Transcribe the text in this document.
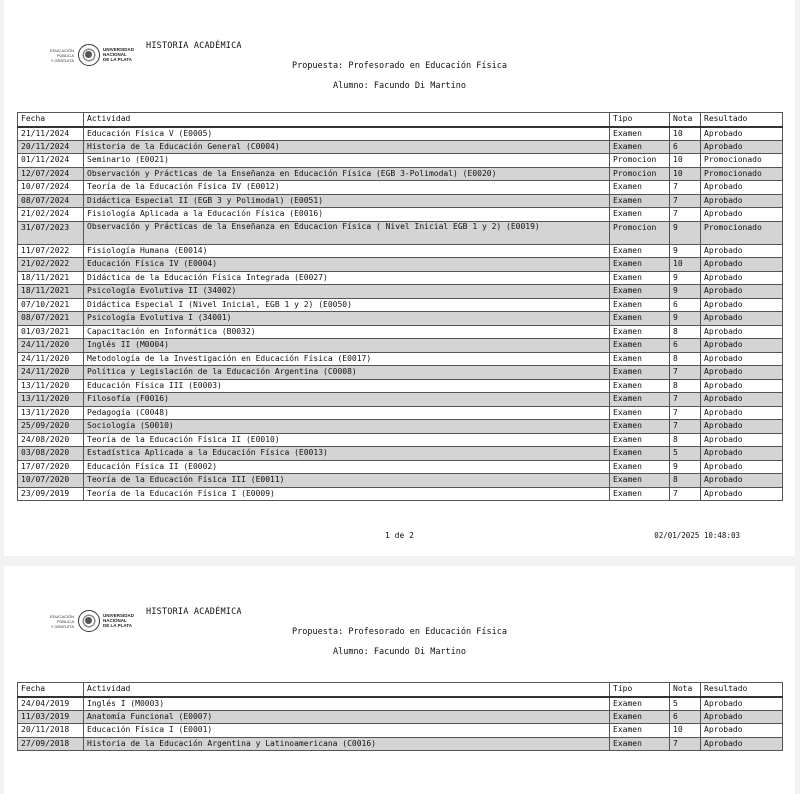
EDUCACIÓN
PÚBLICA
Y GRATUITA
UNIVERSIDAD
NACIONAL
DE LA PLATA
HISTORIA ACADÉMICA
Propuesta: Profesorado en Educación Física
Alumno: Facundo Di Martino
Fecha	Actividad	Tipo	Nota	Resultado
21/11/2024	Educación Física V (E0005)	Examen	10	Aprobado
20/11/2024	Historia de la Educación General (C0004)	Examen	6	Aprobado
01/11/2024	Seminario (E0021)	Promocion	10	Promocionado
12/07/2024	Observación y Prácticas de la Enseñanza en Educación Física (EGB 3-Polimodal) (E0020)	Promocion	10	Promocionado
10/07/2024	Teoría de la Educación Física IV (E0012)	Examen	7	Aprobado
08/07/2024	Didáctica Especial II (EGB 3 y Polimodal) (E0051)	Examen	7	Aprobado
21/02/2024	Fisiología Aplicada a la Educación Física (E0016)	Examen	7	Aprobado
31/07/2023	Observación y Prácticas de la Enseñanza en Educacion Física ( Nivel Inicial EGB 1 y 2) (E0019)	Promocion	9	Promocionado
11/07/2022	Fisiología Humana (E0014)	Examen	9	Aprobado
21/02/2022	Educación Física IV (E0004)	Examen	10	Aprobado
18/11/2021	Didáctica de la Educación Física Integrada (E0027)	Examen	9	Aprobado
18/11/2021	Psicología Evolutiva II (34002)	Examen	9	Aprobado
07/10/2021	Didáctica Especial I (Nivel Inicial, EGB 1 y 2) (E0050)	Examen	6	Aprobado
08/07/2021	Psicología Evolutiva I (34001)	Examen	9	Aprobado
01/03/2021	Capacitación en Informática (B0032)	Examen	8	Aprobado
24/11/2020	Inglés II (M0004)	Examen	6	Aprobado
24/11/2020	Metodología de la Investigación en Educación Física (E0017)	Examen	8	Aprobado
24/11/2020	Política y Legislación de la Educación Argentina (C0008)	Examen	7	Aprobado
13/11/2020	Educación Física III (E0003)	Examen	8	Aprobado
13/11/2020	Filosofía (F0016)	Examen	7	Aprobado
13/11/2020	Pedagogía (C0048)	Examen	7	Aprobado
25/09/2020	Sociología (S0010)	Examen	7	Aprobado
24/08/2020	Teoría de la Educación Física II (E0010)	Examen	8	Aprobado
03/08/2020	Estadística Aplicada a la Educación Física (E0013)	Examen	5	Aprobado
17/07/2020	Educación Física II (E0002)	Examen	9	Aprobado
10/07/2020	Teoría de la Educación Física III (E0011)	Examen	8	Aprobado
23/09/2019	Teoría de la Educación Física I (E0009)	Examen	7	Aprobado
1 de 2	02/01/2025 10:48:03
EDUCACIÓN
PÚBLICA
Y GRATUITA
UNIVERSIDAD
NACIONAL
DE LA PLATA
HISTORIA ACADÉMICA
Propuesta: Profesorado en Educación Física
Alumno: Facundo Di Martino
Fecha	Actividad	Tipo	Nota	Resultado
24/04/2019	Inglés I (M0003)	Examen	5	Aprobado
11/03/2019	Anatomía Funcional (E0007)	Examen	6	Aprobado
20/11/2018	Educación Física I (E0001)	Examen	10	Aprobado
27/09/2018	Historia de la Educación Argentina y Latinoamericana (C0016)	Examen	7	Aprobado
